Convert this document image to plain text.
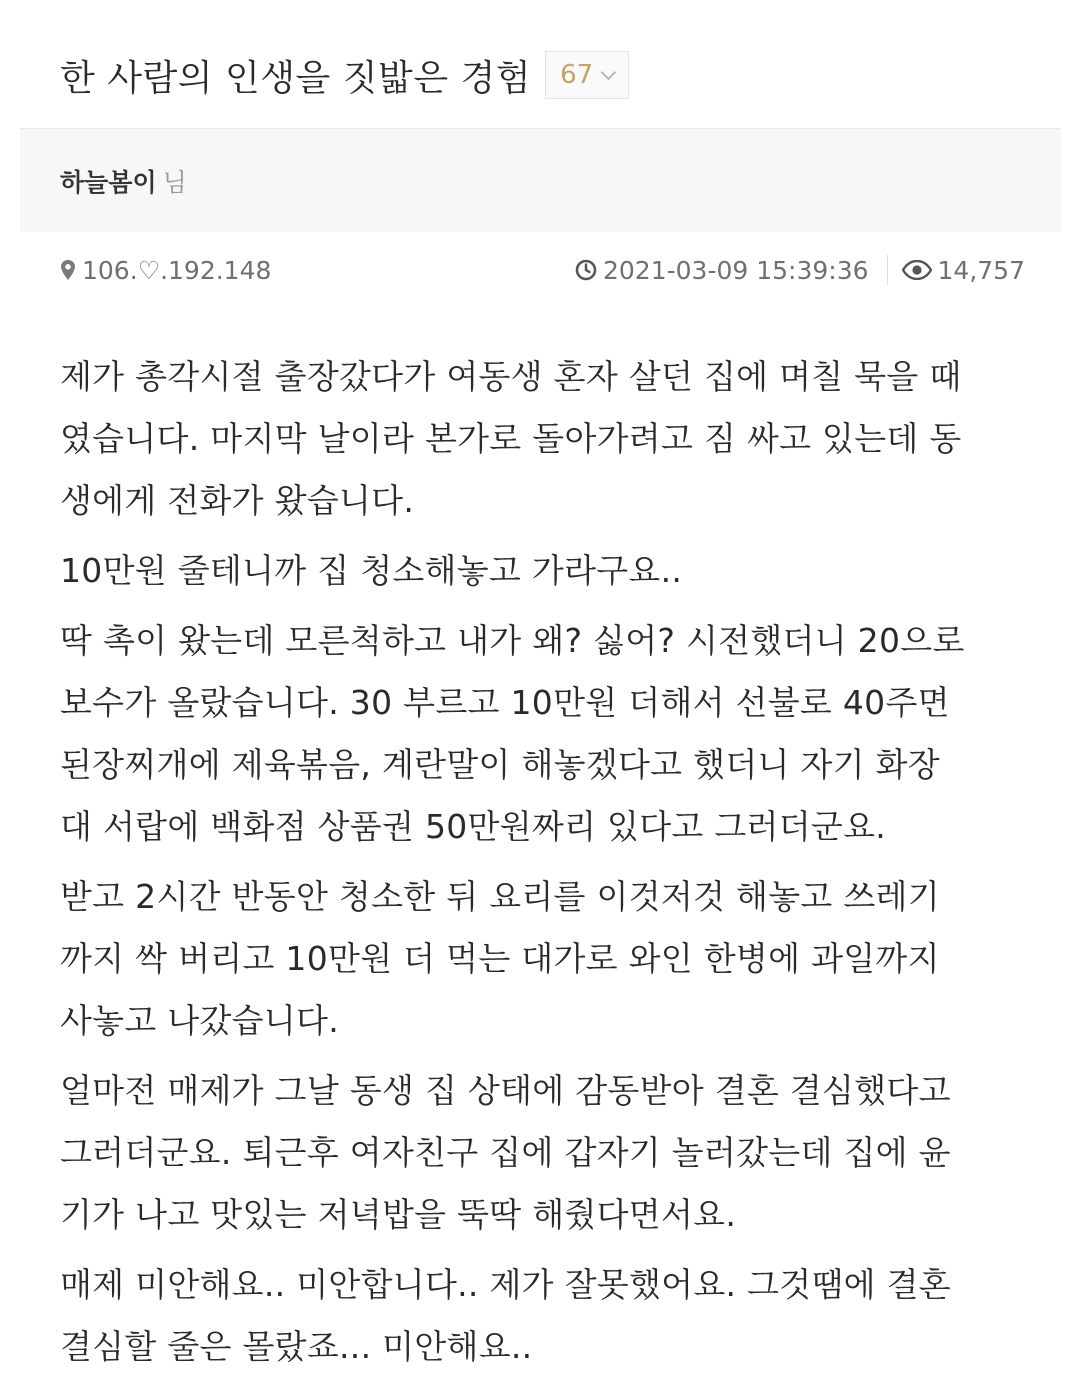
한 사람의 인생을 짓밟은 경험 67
하늘봄이 님
106.♡.192.148	2021-03-09 15:39:36	14,757
제가 총각시절 출장갔다가 여동생 혼자 살던 집에 며칠 묵을 때
였습니다. 마지막 날이라 본가로 돌아가려고 짐 싸고 있는데 동
생에게 전화가 왔습니다.
10만원 줄테니까 집 청소해놓고 가라구요..
딱 촉이 왔는데 모른척하고 내가 왜? 싫어? 시전했더니 20으로
보수가 올랐습니다. 30 부르고 10만원 더해서 선불로 40주면
된장찌개에 제육볶음, 계란말이 해놓겠다고 했더니 자기 화장
대 서랍에 백화점 상품권 50만원짜리 있다고 그러더군요.
받고 2시간 반동안 청소한 뒤 요리를 이것저것 해놓고 쓰레기
까지 싹 버리고 10만원 더 먹는 대가로 와인 한병에 과일까지
사놓고 나갔습니다.
얼마전 매제가 그날 동생 집 상태에 감동받아 결혼 결심했다고
그러더군요. 퇴근후 여자친구 집에 갑자기 놀러갔는데 집에 윤
기가 나고 맛있는 저녁밥을 뚝딱 해줬다면서요.
매제 미안해요.. 미안합니다.. 제가 잘못했어요. 그것땜에 결혼
결심할 줄은 몰랐죠... 미안해요..
